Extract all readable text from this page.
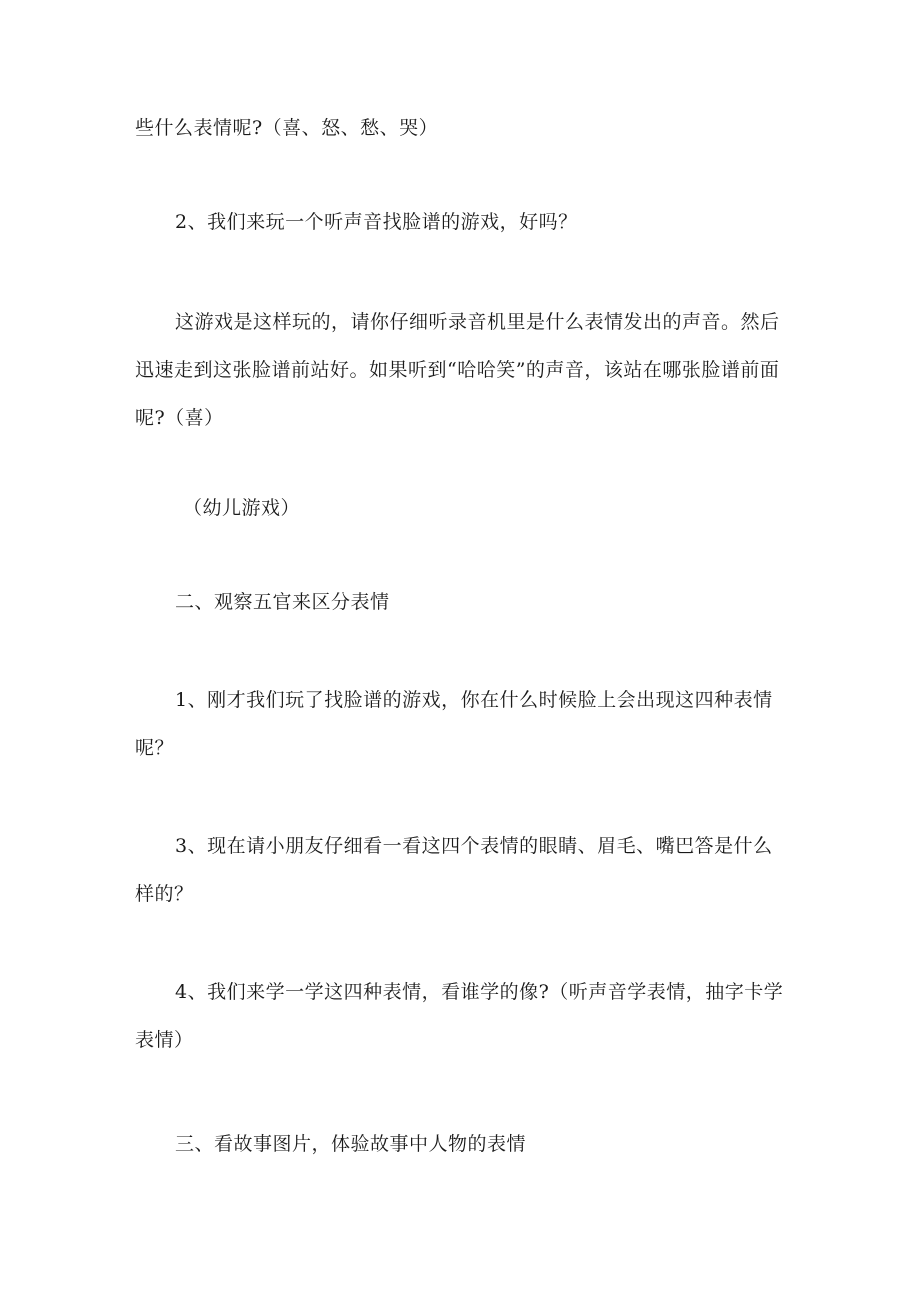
些什么表情呢?（喜、怒、愁、哭）

2、我们来玩一个听声音找脸谱的游戏，好吗？

这游戏是这样玩的，请你仔细听录音机里是什么表情发出的声音。然后迅速走到这张脸谱前站好。如果听到“哈哈笑”的声音，该站在哪张脸谱前面呢?（喜）

（幼儿游戏）

二、观察五官来区分表情

1、刚才我们玩了找脸谱的游戏，你在什么时候脸上会出现这四种表情呢？

3、现在请小朋友仔细看一看这四个表情的眼睛、眉毛、嘴巴答是什么样的？

4、我们来学一学这四种表情，看谁学的像?（听声音学表情，抽字卡学表情）

三、看故事图片，体验故事中人物的表情
